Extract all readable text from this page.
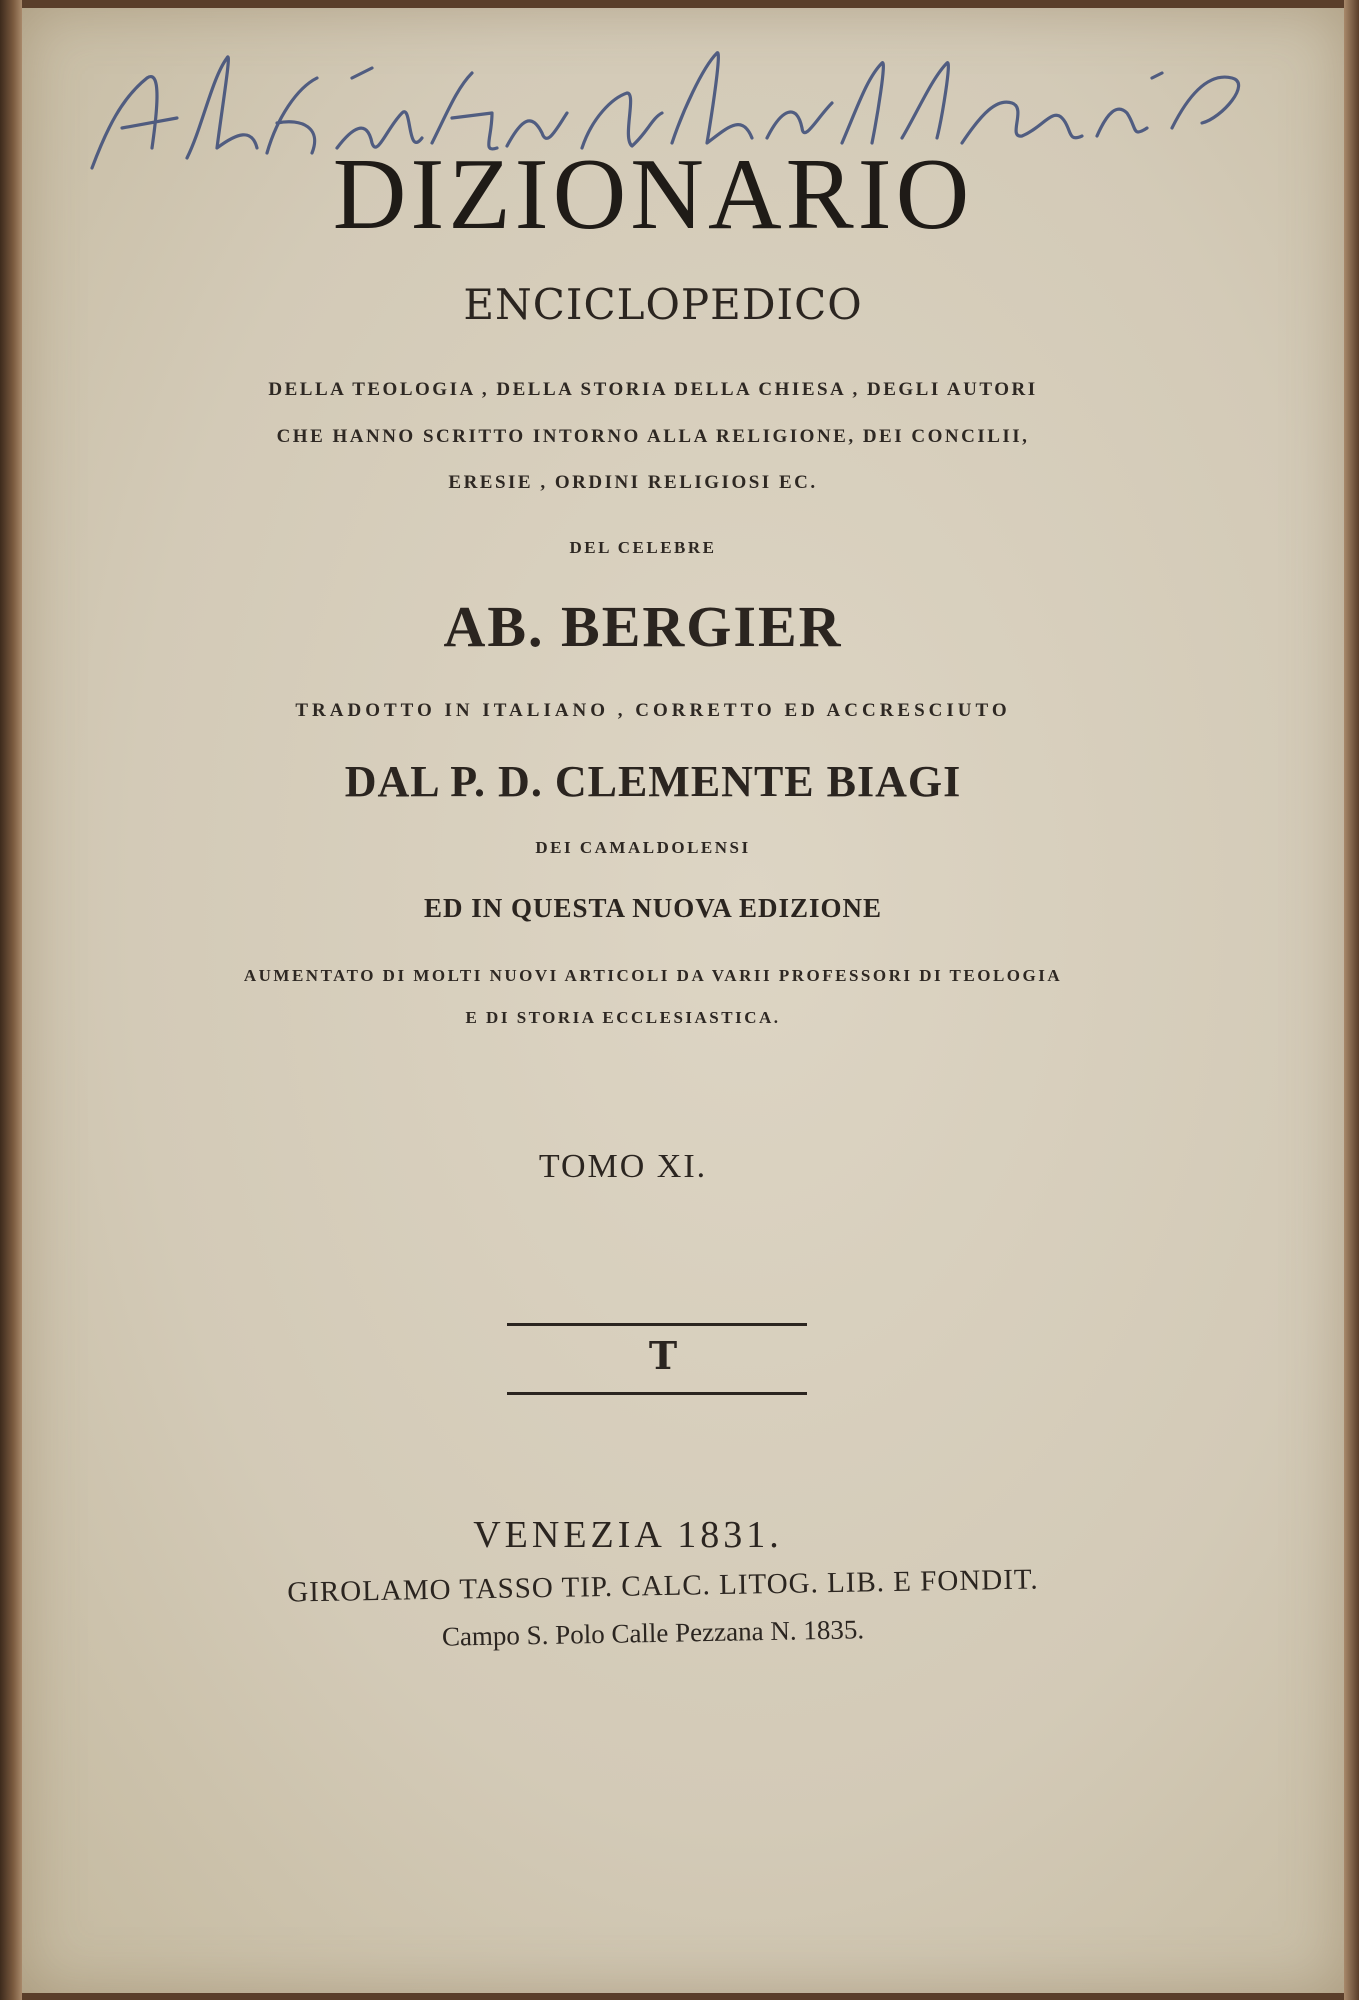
DIZIONARIO

ENCICLOPEDICO

DELLA TEOLOGIA , DELLA STORIA DELLA CHIESA , DEGLI AUTORI

CHE HANNO SCRITTO INTORNO ALLA RELIGIONE, DEI CONCILII,

ERESIE , ORDINI RELIGIOSI EC.

DEL CELEBRE

AB. BERGIER

TRADOTTO IN ITALIANO , CORRETTO ED ACCRESCIUTO

DAL P. D. CLEMENTE BIAGI

DEI CAMALDOLENSI

ED IN QUESTA NUOVA EDIZIONE

AUMENTATO DI MOLTI NUOVI ARTICOLI DA VARII PROFESSORI DI TEOLOGIA

E DI STORIA ECCLESIASTICA.

TOMO XI.

T

VENEZIA 1831.

GIROLAMO TASSO TIP. CALC. LITOG. LIB. E FONDIT.

Campo S. Polo Calle Pezzana N. 1835.
